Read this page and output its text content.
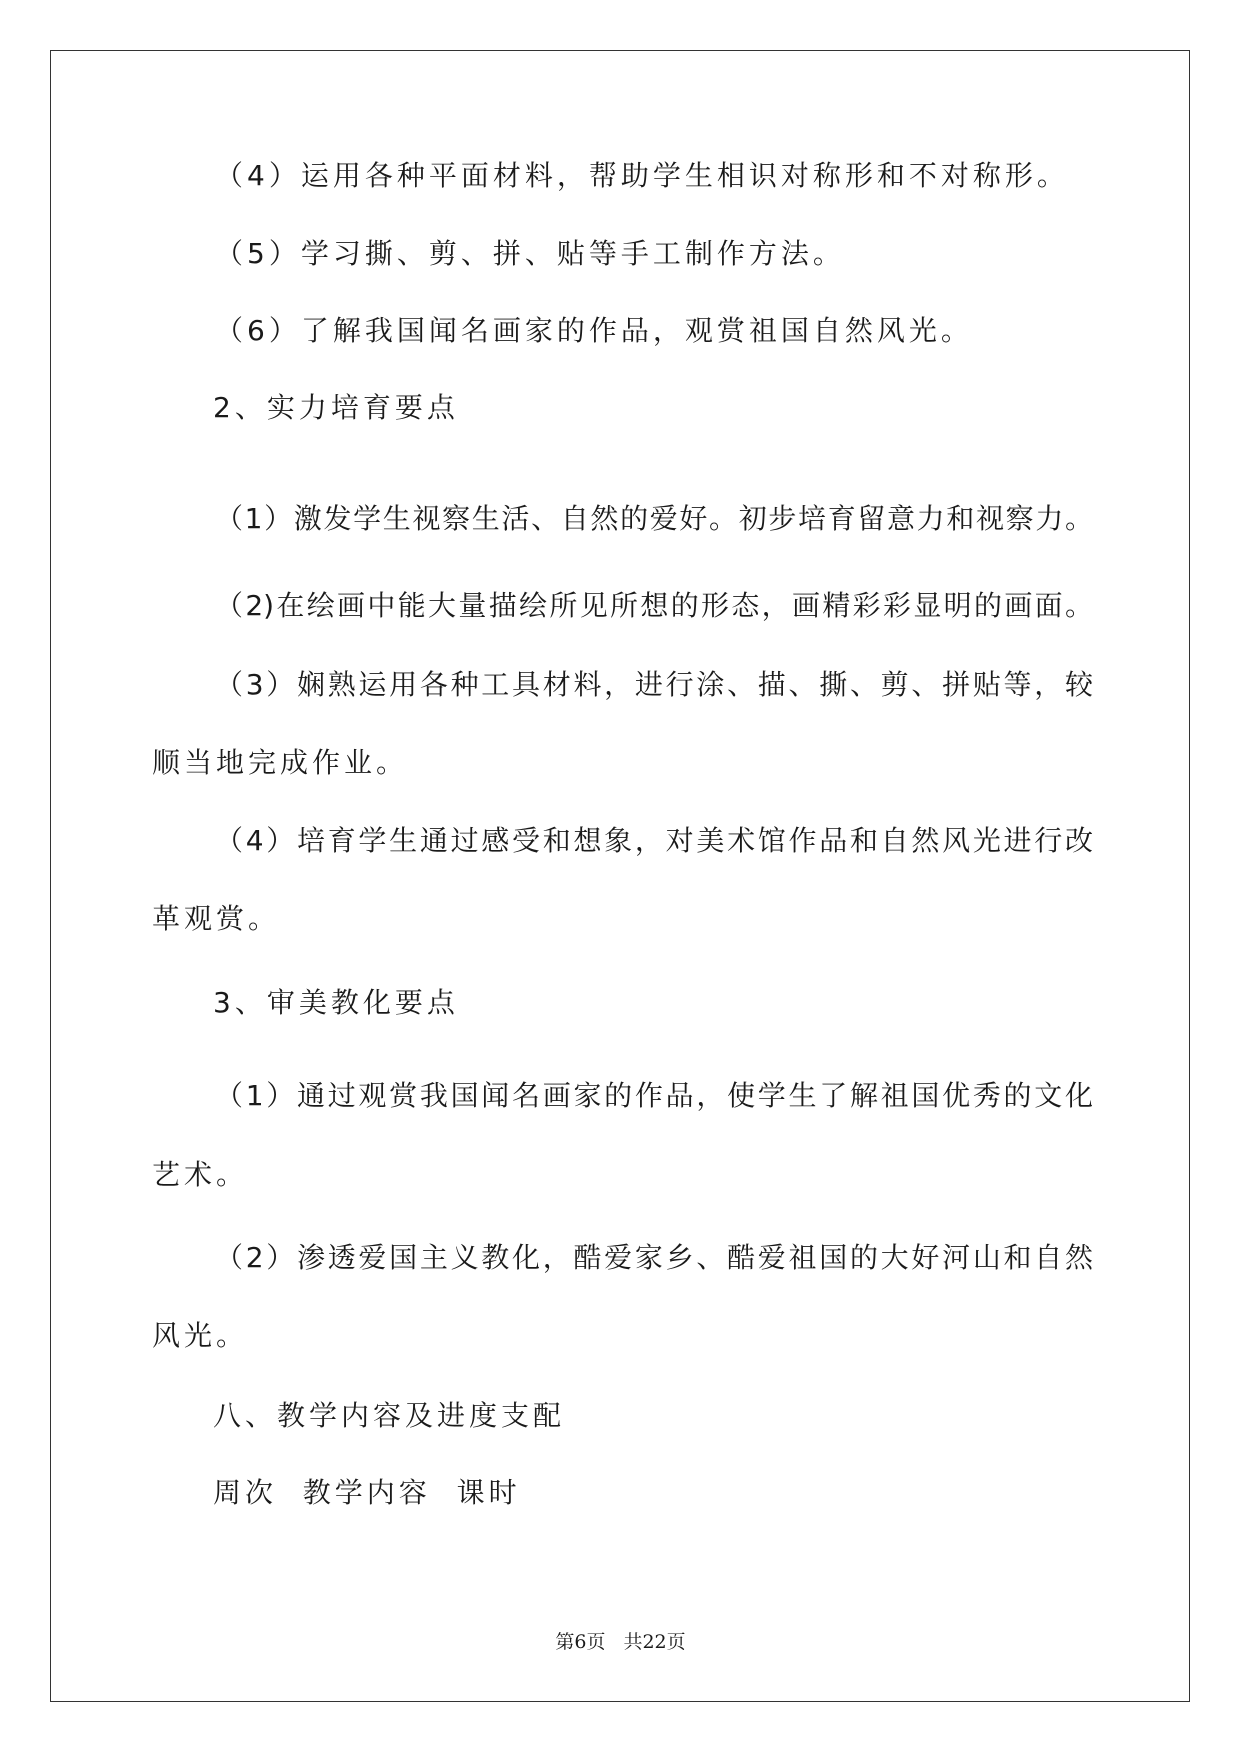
（4）运用各种平面材料，帮助学生相识对称形和不对称形。
（5）学习撕、剪、拼、贴等手工制作方法。
（6）了解我国闻名画家的作品，观赏祖国自然风光。
2、实力培育要点
（1）激发学生视察生活、自然的爱好。初步培育留意力和视察力。
（2)在绘画中能大量描绘所见所想的形态，画精彩彩显明的画面。
（3）娴熟运用各种工具材料，进行涂、描、撕、剪、拼贴等，较
顺当地完成作业。
（4）培育学生通过感受和想象，对美术馆作品和自然风光进行改
革观赏。
3、审美教化要点
（1）通过观赏我国闻名画家的作品，使学生了解祖国优秀的文化
艺术。
（2）渗透爱国主义教化，酷爱家乡、酷爱祖国的大好河山和自然
风光。
八、教学内容及进度支配
周次  教学内容  课时
第6页 共22页
